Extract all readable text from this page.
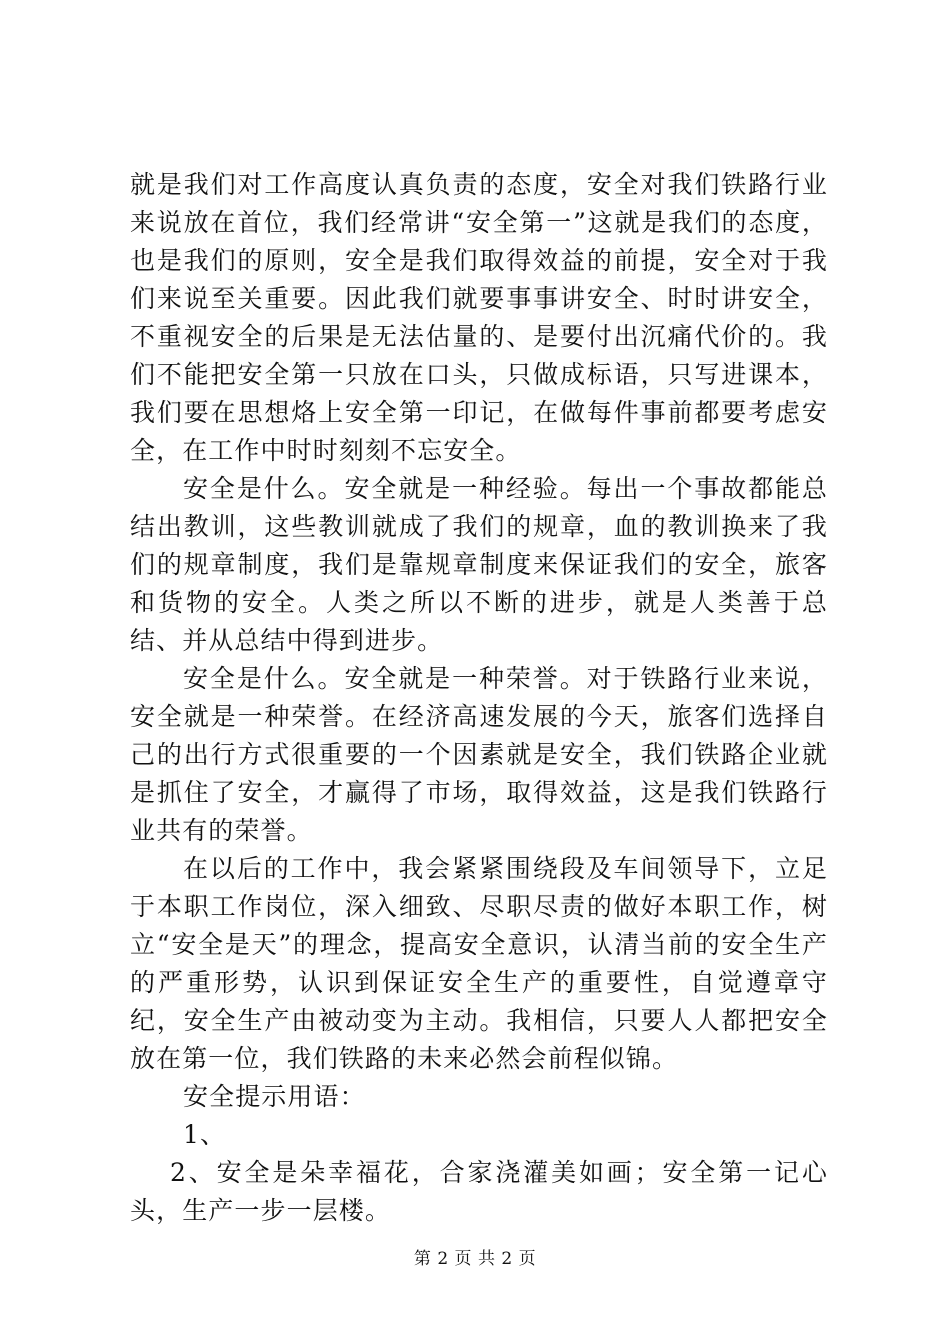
就是我们对工作高度认真负责的态度，安全对我们铁路行业来说放在首位，我们经常讲“安全第一”这就是我们的态度，也是我们的原则，安全是我们取得效益的前提，安全对于我们来说至关重要。因此我们就要事事讲安全、时时讲安全，不重视安全的后果是无法估量的、是要付出沉痛代价的。我们不能把安全第一只放在口头，只做成标语，只写进课本，我们要在思想烙上安全第一印记，在做每件事前都要考虑安全，在工作中时时刻刻不忘安全。

安全是什么。安全就是一种经验。每出一个事故都能总结出教训，这些教训就成了我们的规章，血的教训换来了我们的规章制度，我们是靠规章制度来保证我们的安全，旅客和货物的安全。人类之所以不断的进步，就是人类善于总结、并从总结中得到进步。

安全是什么。安全就是一种荣誉。对于铁路行业来说，安全就是一种荣誉。在经济高速发展的今天，旅客们选择自己的出行方式很重要的一个因素就是安全，我们铁路企业就是抓住了安全，才赢得了市场，取得效益，这是我们铁路行业共有的荣誉。

在以后的工作中，我会紧紧围绕段及车间领导下，立足于本职工作岗位，深入细致、尽职尽责的做好本职工作，树立“安全是天”的理念，提高安全意识，认清当前的安全生产的严重形势，认识到保证安全生产的重要性，自觉遵章守纪，安全生产由被动变为主动。我相信，只要人人都把安全放在第一位，我们铁路的未来必然会前程似锦。

安全提示用语：

1、

2、安全是朵幸福花，合家浇灌美如画；安全第一记心头，生产一步一层楼。

第 2 页 共 2 页
